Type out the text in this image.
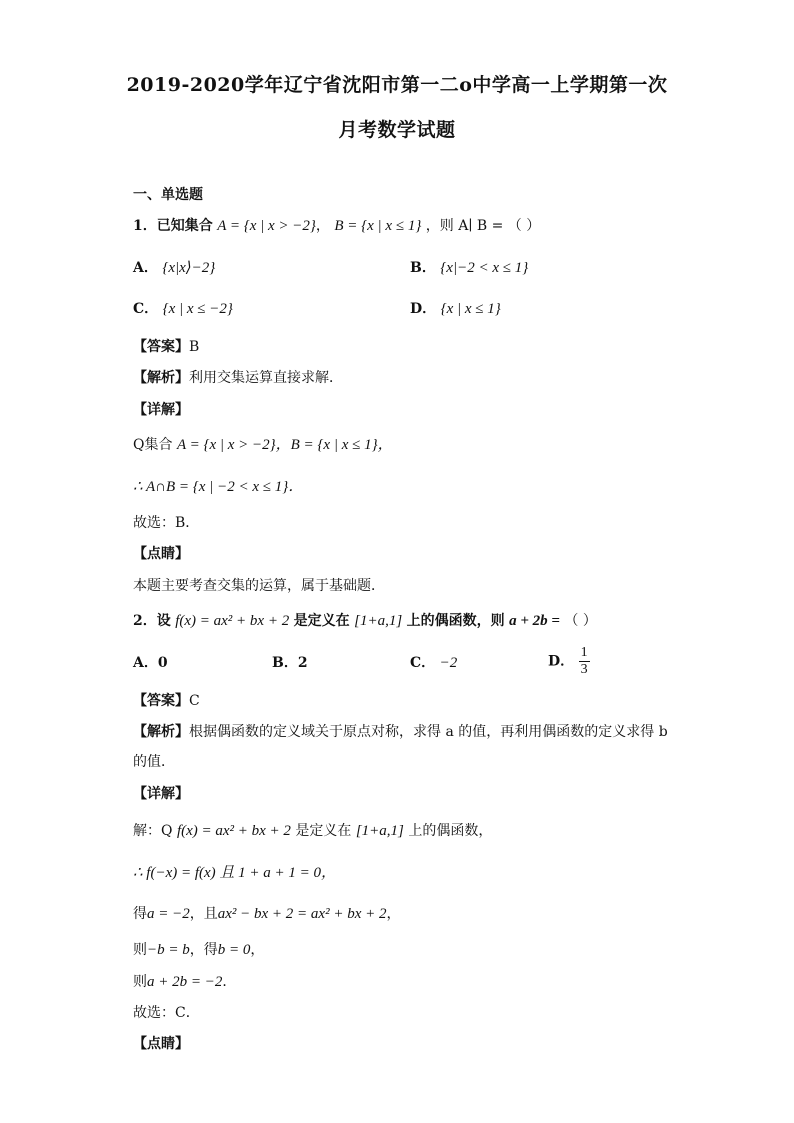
2019-2020学年辽宁省沈阳市第一二o中学高一上学期第一次
月考数学试题
一、单选题
1．已知集合 A = {x | x > −2}， B = {x | x ≤ 1} ，则 A∣ B = （ ）
A． {x|x⟩−2}	B． {x|−2 < x ≤ 1}
C． {x | x ≤ −2}	D． {x | x ≤ 1}
【答案】B
【解析】利用交集运算直接求解．
【详解】
Q集合 A = {x | x > −2}，B = {x | x ≤ 1}，
∴ A∩B = {x | −2 < x ≤ 1}．
故选：B．
【点睛】
本题主要考查交集的运算，属于基础题．
2．设 f(x) = ax² + bx + 2 是定义在 [1+a,1] 上的偶函数，则 a + 2b = （ ）
A．0	B．2	C． −2	D． $\frac{1}{3}$
【答案】C
【解析】根据偶函数的定义域关于原点对称，求得 a 的值，再利用偶函数的定义求得 b
的值．
【详解】
解：Q f(x) = ax² + bx + 2 是定义在 [1+a,1] 上的偶函数，
∴ f(−x) = f(x) 且 1 + a + 1 = 0，
得a = −2，且ax² − bx + 2 = ax² + bx + 2，
则−b = b，得b = 0，
则a + 2b = −2．
故选：C．
【点睛】
